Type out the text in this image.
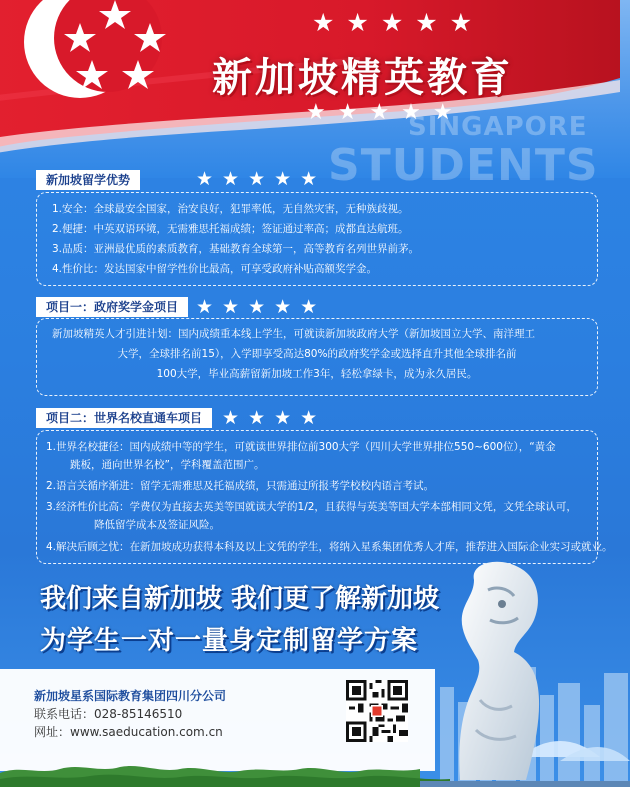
★★★★★
新加坡精英教育
★★★★★
SINGAPORE
STUDENTS
新加坡留学优势	★★★★★
1.安全：全球最安全国家，治安良好，犯罪率低，无自然灾害，无种族歧视。
2.便捷：中英双语环境，无需雅思托福成绩；签证通过率高；成都直达航班。
3.品质：亚洲最优质的素质教育，基础教育全球第一，高等教育名列世界前茅。
4.性价比：发达国家中留学性价比最高，可享受政府补贴高额奖学金。
项目一：政府奖学金项目 ★★★★★
新加坡精英人才引进计划：国内成绩重本线上学生，可就读新加坡政府大学（新加坡国立大学、南洋理工
大学，全球排名前15），入学即享受高达80%的政府奖学金或选择直升其他全球排名前
100大学，毕业高薪留新加坡工作3年，轻松拿绿卡，成为永久居民。
项目二：世界名校直通车项目
★★★★★
1.世界名校捷径：国内成绩中等的学生，可就读世界排位前300大学（四川大学世界排位550~600位），“黄金
跳板，通向世界名校”，学科覆盖范围广。
2.语言关循序渐进：留学无需雅思及托福成绩，只需通过所报考学校校内语言考试。
3.经济性价比高：学费仅为直接去英美等国就读大学的1/2，且获得与英美等国大学本部相同文凭，文凭全球认可，
降低留学成本及签证风险。
4.解决后顾之忧：在新加坡成功获得本科及以上文凭的学生，将纳入星系集团优秀人才库，推荐进入国际企业实习或就业。
我们来自新加坡 我们更了解新加坡
为学生一对一量身定制留学方案
新加坡星系国际教育集团四川分公司
联系电话：028-85146510
网址：www.saeducation.com.cn
